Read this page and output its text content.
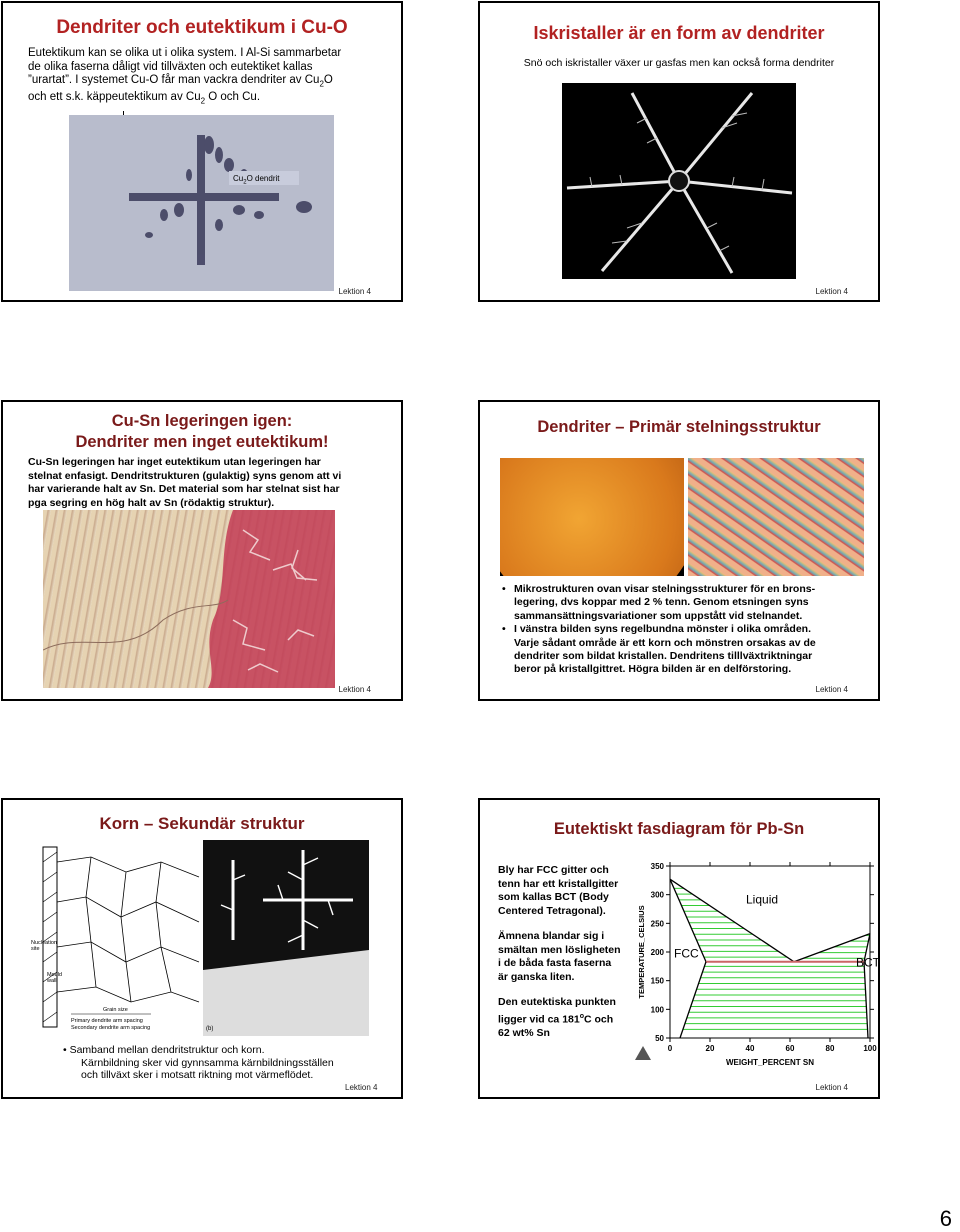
Dendriter och eutektikum i Cu-O
Eutektikum kan se olika ut i olika system. I Al-Si sammarbetar
de olika faserna dåligt vid tillväxten och eutektiket kallas
”urartat”. I systemet Cu-O får man vackra dendriter av $Cu_2O$
och ett s.k. käppeutektikum av $Cu_2$ O och Cu.
$Cu_2O$ dendrit
Lektion 4
Iskristaller är en form av dendriter
Snö och iskristaller växer ur gasfas men kan också forma dendriter
Lektion 4
Cu-Sn legeringen igen:
Dendriter men inget eutektikum!
Cu-Sn legeringen har inget eutektikum utan legeringen har
stelnat enfasigt. Dendritstrukturen (gulaktig) syns genom att vi
har varierande halt av Sn. Det material som har stelnat sist har
pga segring en hög halt av Sn (rödaktig struktur).
Lektion 4
Dendriter – Primär stelningsstruktur
• Mikrostrukturen ovan visar stelningsstrukturer för en brons-
legering, dvs koppar med 2 % tenn. Genom etsningen syns
sammansättningsvariationer som uppstått vid stelnandet.
• I vänstra bilden syns regelbundna mönster i olika områden.
Varje sådant område är ett korn och mönstren orsakas av de
dendriter som bildat kristallen. Dendritens tilllväxtriktningar
beror på kristallgittret. Högra bilden är en delförstoring.
Lektion 4
Korn – Sekundär struktur
Nucleation site
Mould wall
Grain size
Primary dendrite arm spacing
Secondary dendrite arm spacing	(b)
• Samband mellan dendritstruktur och korn.
Kärnbildning sker vid gynnsamma kärnbildningsställen
och tillväxt sker i motsatt riktning mot värmeflödet.
Lektion 4
Eutektiskt fasdiagram för Pb-Sn
Bly har FCC gitter och
tenn har ett kristallgitter
som kallas BCT (Body
Centered Tetragonal).
Ämnena blandar sig i
smältan men lösligheten
i de båda fasta faserna
är ganska liten.
Den eutektiska punkten
ligger vid ca 181$^o$C och
62 wt% Sn	50
100
150
200
250
300
350
0	20	40	60	80	100
WEIGHT_PERCENT SN
TEMPERATURE_CELSIUS
Liquid
FCC
BCT
Lektion 4
6
